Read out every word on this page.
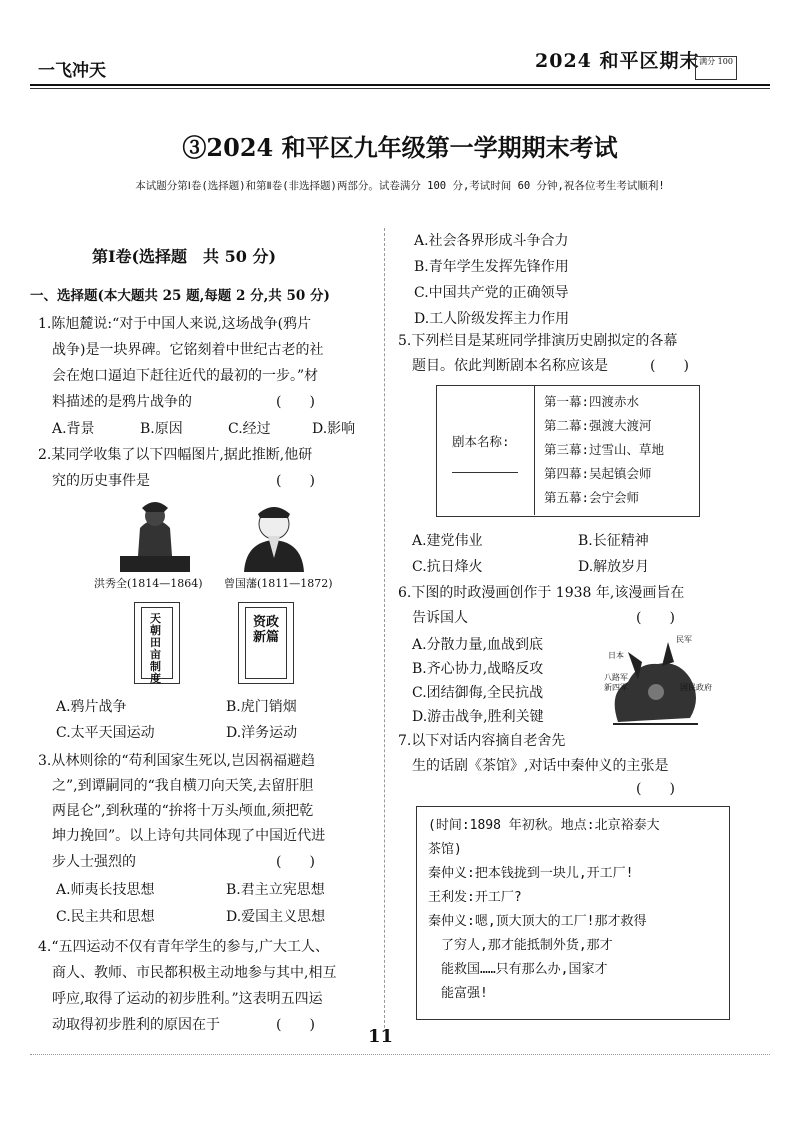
一飞冲天	2024 和平区期末 满分 100
③2024 和平区九年级第一学期期末考试
本试题分第Ⅰ卷(选择题)和第Ⅱ卷(非选择题)两部分。试卷满分 100 分,考试时间 60 分钟,祝各位考生考试顺利!
第Ⅰ卷(选择题　共 50 分)
一、选择题(本大题共 25 题,每题 2 分,共 50 分)
1.陈旭麓说:“对于中国人来说,这场战争(鸦片
战争)是一块界碑。它铭刻着中世纪古老的社
会在炮口逼迫下赶往近代的最初的一步。”材
料描述的是鸦片战争的　　　　　　(　　)
A.背景	B.原因	C.经过	D.影响
2.某同学收集了以下四幅图片,据此推断,他研
究的历史事件是　　　　　　　　　(　　)
洪秀全(1814—1864) 曾国藩(1811—1872)
天朝田亩制度
资政新篇
A.鸦片战争	B.虎门销烟
C.太平天国运动	D.洋务运动
3.从林则徐的“苟利国家生死以,岂因祸福避趋
之”,到谭嗣同的“我自横刀向天笑,去留肝胆
两昆仑”,到秋瑾的“拚将十万头颅血,须把乾
坤力挽回”。以上诗句共同体现了中国近代进
步人士强烈的　　　　　　　　　　(　　)
A.师夷长技思想	B.君主立宪思想
C.民主共和思想	D.爱国主义思想
4.“五四运动不仅有青年学生的参与,广大工人、
商人、教师、市民都积极主动地参与其中,相互
呼应,取得了运动的初步胜利。”这表明五四运
动取得初步胜利的原因在于　　　　(　　)
A.社会各界形成斗争合力
B.青年学生发挥先锋作用
C.中国共产党的正确领导
D.工人阶级发挥主力作用
5.下列栏目是某班同学排演历史剧拟定的各幕
题目。依此判断剧本名称应该是　　　(　　)
剧本名称:
第一幕:四渡赤水
第二幕:强渡大渡河
第三幕:过雪山、草地
第四幕:吴起镇会师
第五幕:会宁会师
A.建党伟业	B.长征精神
C.抗日烽火	D.解放岁月
6.下图的时政漫画创作于 1938 年,该漫画旨在
告诉国人　　　　　　　　　　　　(　　)
民军
日本
八路军
新四军	国民政府
A.分散力量,血战到底
B.齐心协力,战略反攻
C.团结御侮,全民抗战
D.游击战争,胜利关键
7.以下对话内容摘自老舍先
生的话剧《茶馆》,对话中秦仲义的主张是
　　　　　　　　　　　　　　　　(　　)
(时间:1898 年初秋。地点:北京裕泰大
茶馆)
秦仲义:把本钱拢到一块儿,开工厂!
王利发:开工厂?
秦仲义:嗯,顶大顶大的工厂!那才救得
　了穷人,那才能抵制外货,那才
　能救国……只有那么办,国家才
　能富强!
11
